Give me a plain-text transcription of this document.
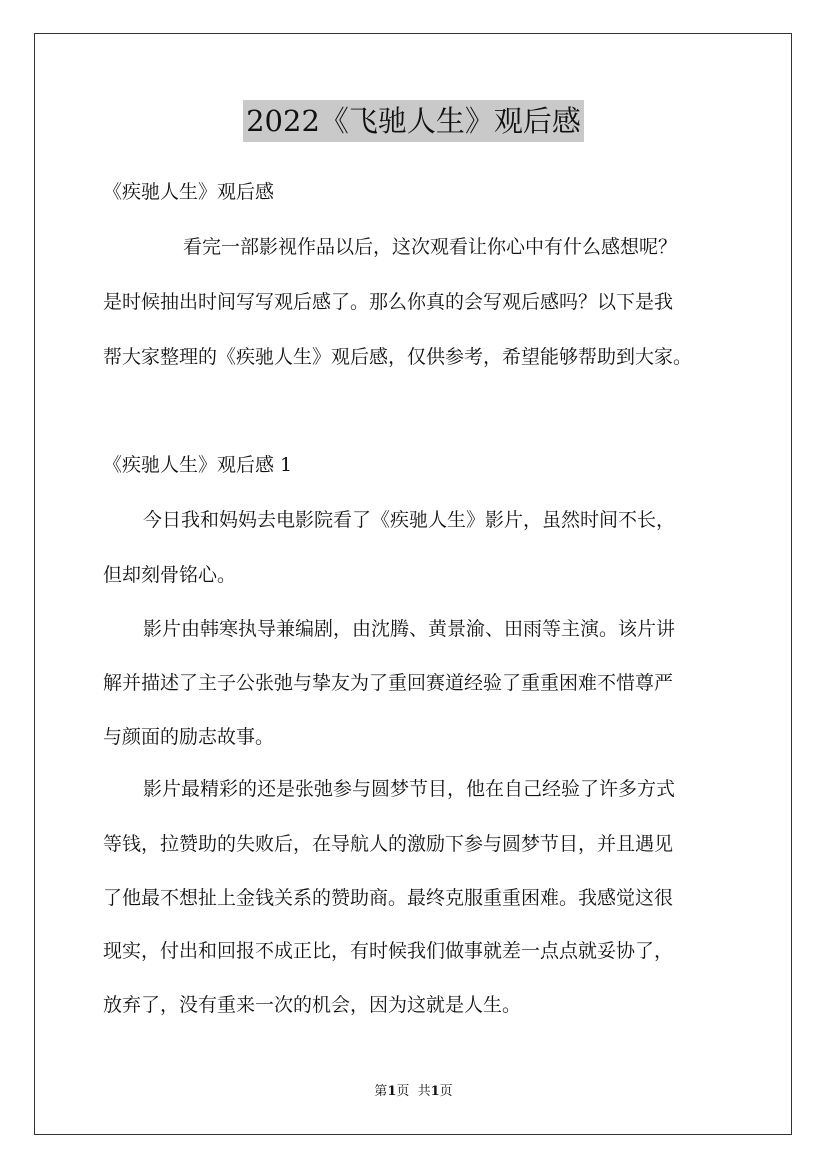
2022《飞驰人生》观后感
《疾驰人生》观后感
看完一部影视作品以后，这次观看让你心中有什么感想呢？
是时候抽出时间写写观后感了。那么你真的会写观后感吗？以下是我
帮大家整理的《疾驰人生》观后感，仅供参考，希望能够帮助到大家。
《疾驰人生》观后感 1
今日我和妈妈去电影院看了《疾驰人生》影片，虽然时间不长，
但却刻骨铭心。
影片由韩寒执导兼编剧，由沈腾、黄景渝、田雨等主演。该片讲
解并描述了主子公张弛与挚友为了重回赛道经验了重重困难不惜尊严
与颜面的励志故事。
影片最精彩的还是张弛参与圆梦节目，他在自己经验了许多方式
等钱，拉赞助的失败后，在导航人的激励下参与圆梦节目，并且遇见
了他最不想扯上金钱关系的赞助商。最终克服重重困难。我感觉这很
现实，付出和回报不成正比，有时候我们做事就差一点点就妥协了，
放弃了，没有重来一次的机会，因为这就是人生。
第1页  共1页
